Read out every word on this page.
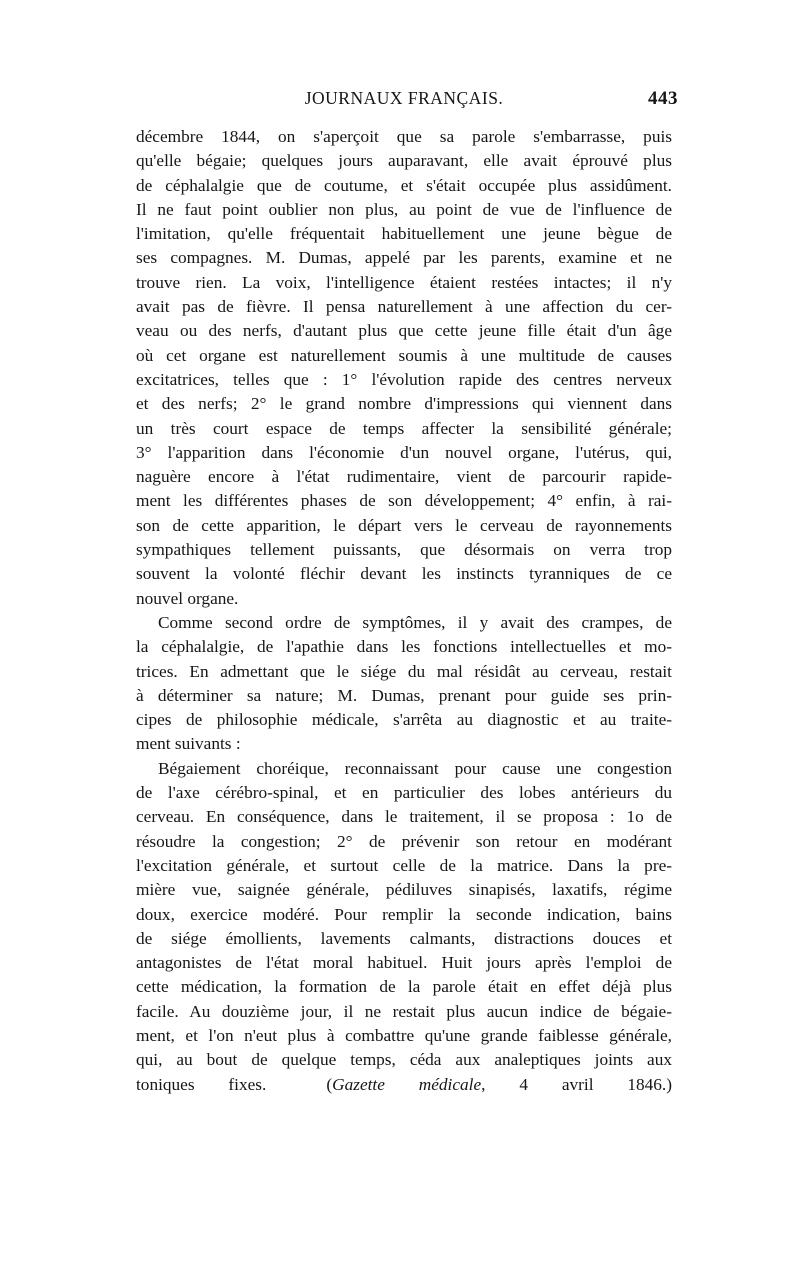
JOURNAUX FRANÇAIS.	443
décembre 1844, on s'aperçoit que sa parole s'embarrasse, puis
qu'elle bégaie; quelques jours auparavant, elle avait éprouvé plus
de céphalalgie que de coutume, et s'était occupée plus assidûment.
Il ne faut point oublier non plus, au point de vue de l'influence de
l'imitation, qu'elle fréquentait habituellement une jeune bègue de
ses compagnes. M. Dumas, appelé par les parents, examine et ne
trouve rien. La voix, l'intelligence étaient restées intactes; il n'y
avait pas de fièvre. Il pensa naturellement à une affection du cer-
veau ou des nerfs, d'autant plus que cette jeune fille était d'un âge
où cet organe est naturellement soumis à une multitude de causes
excitatrices, telles que : 1° l'évolution rapide des centres nerveux
et des nerfs; 2° le grand nombre d'impressions qui viennent dans
un très court espace de temps affecter la sensibilité générale;
3° l'apparition dans l'économie d'un nouvel organe, l'utérus, qui,
naguère encore à l'état rudimentaire, vient de parcourir rapide-
ment les différentes phases de son développement; 4° enfin, à rai-
son de cette apparition, le départ vers le cerveau de rayonnements
sympathiques tellement puissants, que désormais on verra trop
souvent la volonté fléchir devant les instincts tyranniques de ce
nouvel organe.
Comme second ordre de symptômes, il y avait des crampes, de
la céphalalgie, de l'apathie dans les fonctions intellectuelles et mo-
trices. En admettant que le siége du mal résidât au cerveau, restait
à déterminer sa nature; M. Dumas, prenant pour guide ses prin-
cipes de philosophie médicale, s'arrêta au diagnostic et au traite-
ment suivants :
Bégaiement choréique, reconnaissant pour cause une congestion
de l'axe cérébro-spinal, et en particulier des lobes antérieurs du
cerveau. En conséquence, dans le traitement, il se proposa : 1o de
résoudre la congestion; 2° de prévenir son retour en modérant
l'excitation générale, et surtout celle de la matrice. Dans la pre-
mière vue, saignée générale, pédiluves sinapisés, laxatifs, régime
doux, exercice modéré. Pour remplir la seconde indication, bains
de siége émollients, lavements calmants, distractions douces et
antagonistes de l'état moral habituel. Huit jours après l'emploi de
cette médication, la formation de la parole était en effet déjà plus
facile. Au douzième jour, il ne restait plus aucun indice de bégaie-
ment, et l'on n'eut plus à combattre qu'une grande faiblesse générale,
qui, au bout de quelque temps, céda aux analeptiques joints aux
toniques fixes.	(Gazette médicale, 4 avril 1846.)
